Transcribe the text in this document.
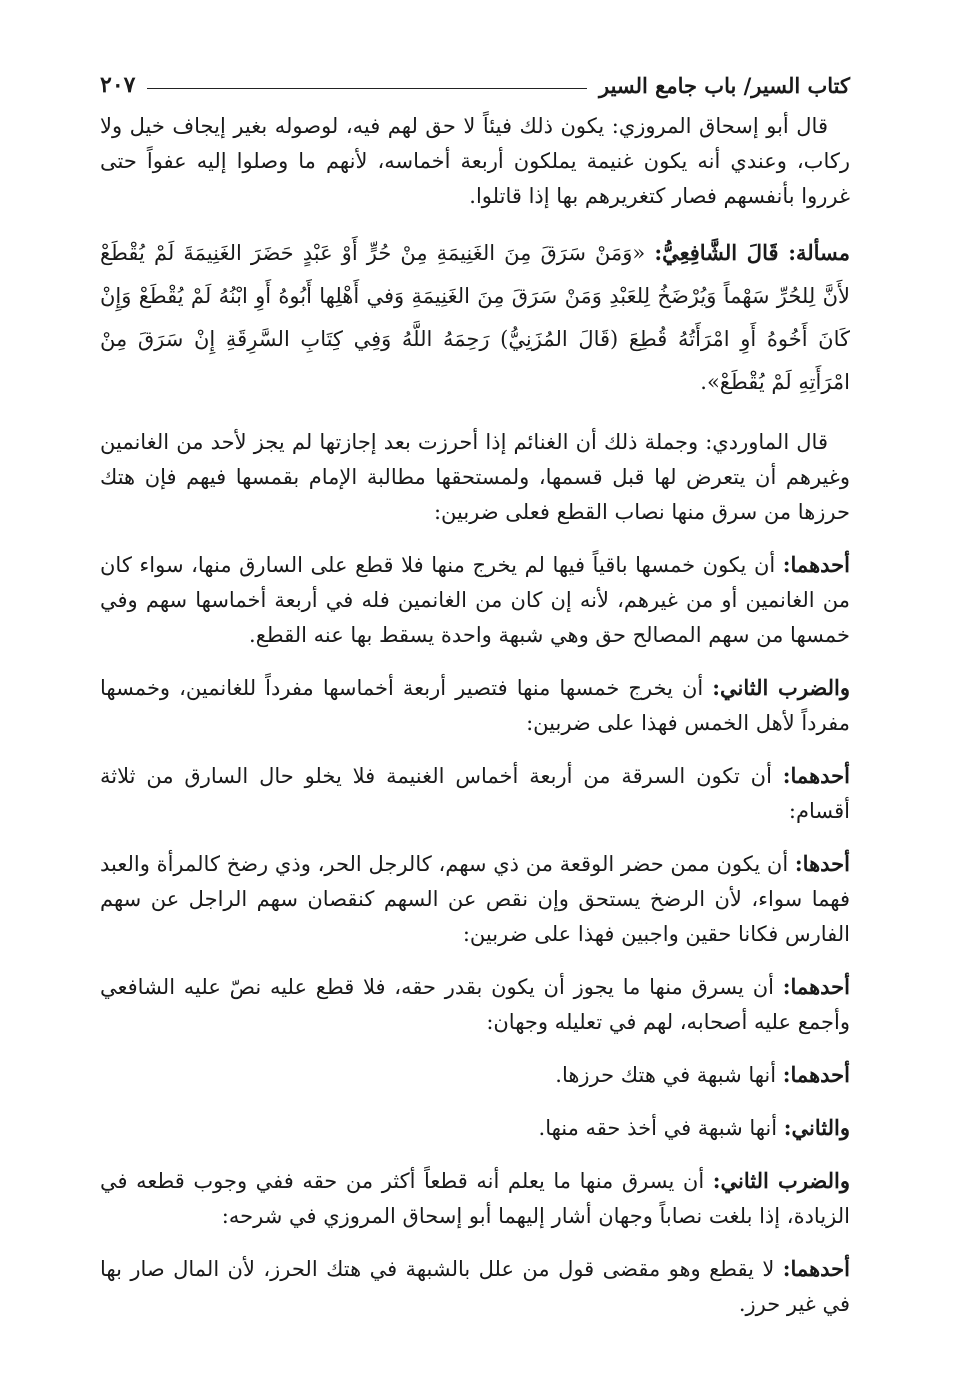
كتاب السير/ باب جامع السير
٢٠٧

قال أبو إسحاق المروزي: يكون ذلك فيئاً لا حق لهم فيه، لوصوله بغير إيجاف خيل ولا ركاب، وعندي أنه يكون غنيمة يملكون أربعة أخماسه، لأنهم ما وصلوا إليه عفواً حتى غرروا بأنفسهم فصار كتغريرهم بها إذا قاتلوا.

مسألة: قَالَ الشَّافِعِيُّ: «وَمَنْ سَرَقَ مِنَ الغَنِيمَةِ مِنْ حُرٍّ أَوْ عَبْدٍ حَضَرَ الغَنِيمَةَ لَمْ يُقْطَعْ لأَنَّ لِلحُرِّ سَهْماً وَيُرْضَخُ لِلعَبْدِ وَمَنْ سَرَقَ مِنَ الغَنِيمَةِ وَفي أَهْلِها أَبُوهُ أَوِ ابْنُهُ لَمْ يُقْطَعْ وَإِنْ كَانَ أَخُوهُ أَوِ امْرَأَتُهُ قُطِعَ (قَالَ المُزَنِيُّ) رَحِمَهُ اللَّهُ وَفِي كِتَابِ السَّرِقَةِ إِنْ سَرَقَ مِنْ امْرَأَتِهِ لَمْ يُقْطَعْ».

قال الماوردي: وجملة ذلك أن الغنائم إذا أحرزت بعد إجازتها لم يجز لأحد من الغانمين وغيرهم أن يتعرض لها قبل قسمها، ولمستحقها مطالبة الإمام بقمسها فيهم فإن هتك حرزها من سرق منها نصاب القطع فعلى ضربين:

أحدهما: أن يكون خمسها باقياً فيها لم يخرج منها فلا قطع على السارق منها، سواء كان من الغانمين أو من غيرهم، لأنه إن كان من الغانمين فله في أربعة أخماسها سهم وفي خمسها من سهم المصالح حق وهي شبهة واحدة يسقط بها عنه القطع.

والضرب الثاني: أن يخرج خمسها منها فتصير أربعة أخماسها مفرداً للغانمين، وخمسها مفرداً لأهل الخمس فهذا على ضربين:

أحدهما: أن تكون السرقة من أربعة أخماس الغنيمة فلا يخلو حال السارق من ثلاثة أقسام:

أحدها: أن يكون ممن حضر الوقعة من ذي سهم، كالرجل الحر، وذي رضخ كالمرأة والعبد فهما سواء، لأن الرضخ يستحق وإن نقص عن السهم كنقصان سهم الراجل عن سهم الفارس فكانا حقين واجبين فهذا على ضربين:

أحدهما: أن يسرق منها ما يجوز أن يكون بقدر حقه، فلا قطع عليه نصّ عليه الشافعي وأجمع عليه أصحابه، لهم في تعليله وجهان:

أحدهما: أنها شبهة في هتك حرزها.

والثاني: أنها شبهة في أخذ حقه منها.

والضرب الثاني: أن يسرق منها ما يعلم أنه قطعاً أكثر من حقه ففي وجوب قطعه في الزيادة، إذا بلغت نصاباً وجهان أشار إليهما أبو إسحاق المروزي في شرحه:

أحدهما: لا يقطع وهو مقضى قول من علل بالشبهة في هتك الحرز، لأن المال صار بها في غير حرز.
